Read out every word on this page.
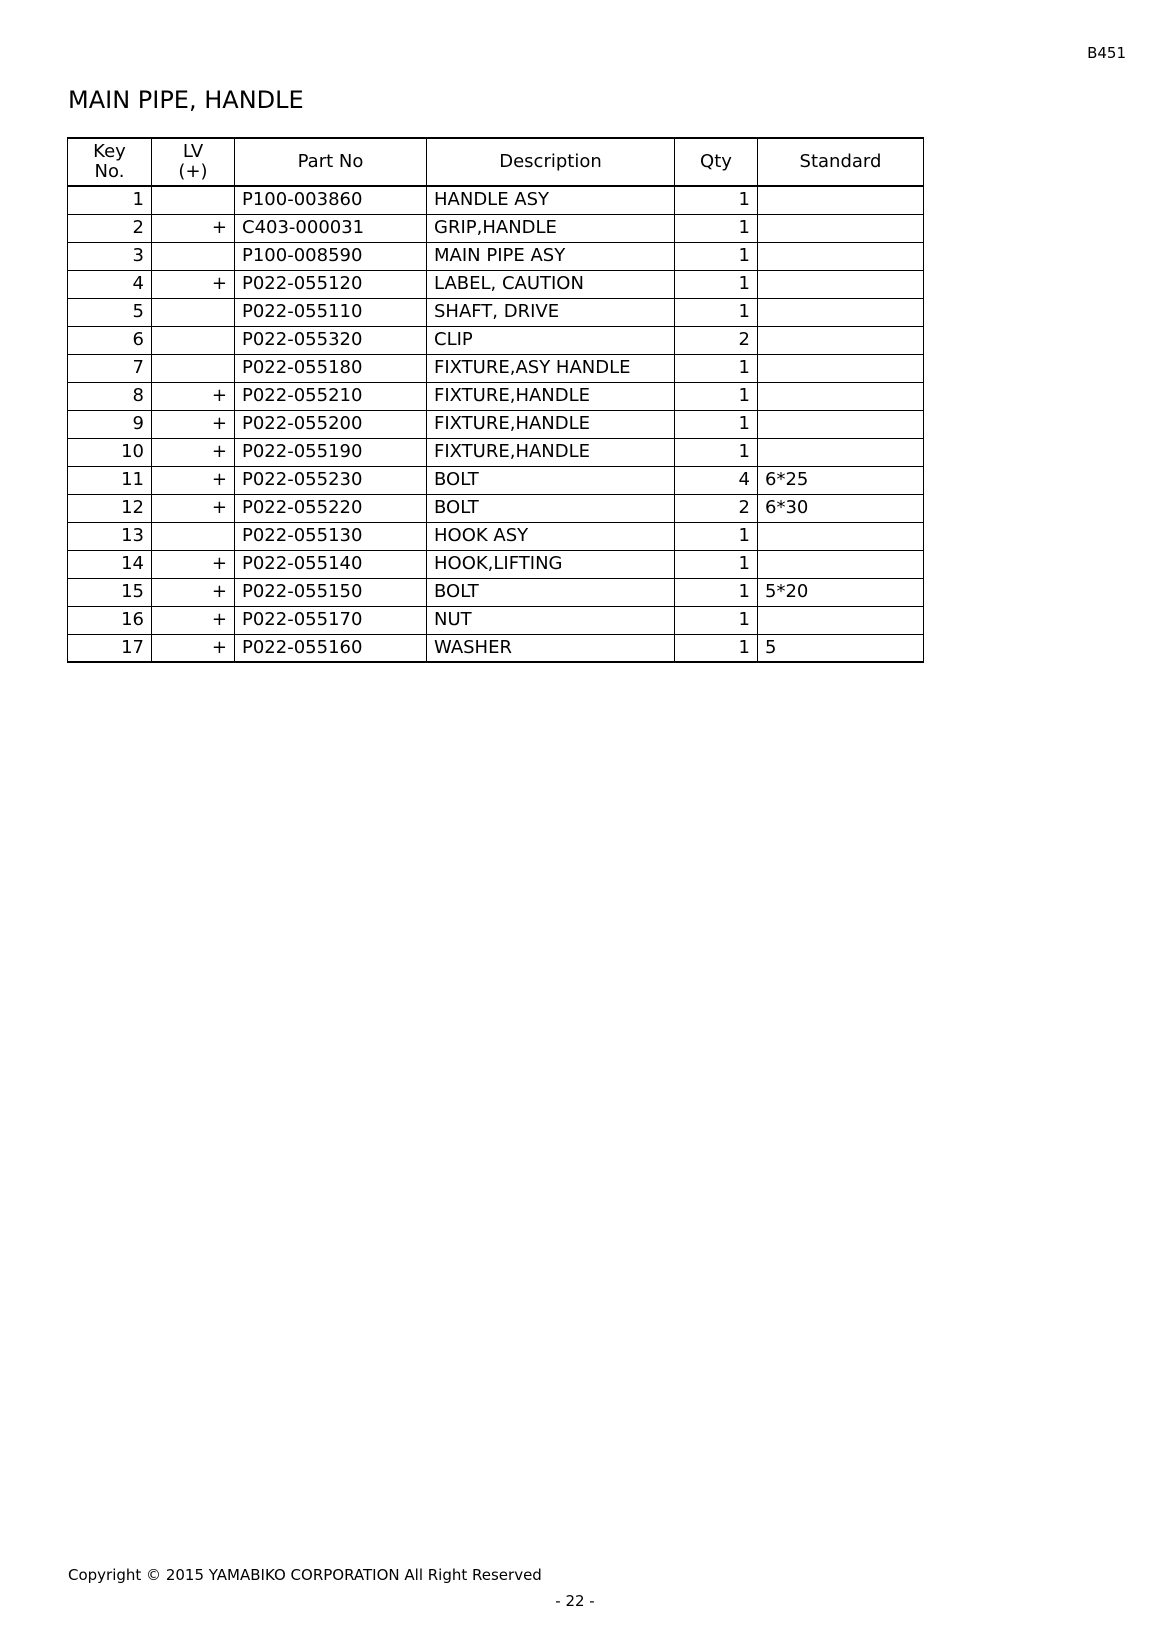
B451
MAIN PIPE, HANDLE
Key
No.	LV
(+)	Part No	Description	Qty	Standard
1		P100-003860	HANDLE ASY	1	
2	+	C403-000031	GRIP,HANDLE	1	
3		P100-008590	MAIN PIPE ASY	1	
4	+	P022-055120	LABEL, CAUTION	1	
5		P022-055110	SHAFT, DRIVE	1	
6		P022-055320	CLIP	2	
7		P022-055180	FIXTURE,ASY HANDLE	1	
8	+	P022-055210	FIXTURE,HANDLE	1	
9	+	P022-055200	FIXTURE,HANDLE	1	
10	+	P022-055190	FIXTURE,HANDLE	1	
11	+	P022-055230	BOLT	4	6*25
12	+	P022-055220	BOLT	2	6*30
13		P022-055130	HOOK ASY	1	
14	+	P022-055140	HOOK,LIFTING	1	
15	+	P022-055150	BOLT	1	5*20
16	+	P022-055170	NUT	1	
17	+	P022-055160	WASHER	1	5
Copyright © 2015 YAMABIKO CORPORATION All Right Reserved
- 22 -
